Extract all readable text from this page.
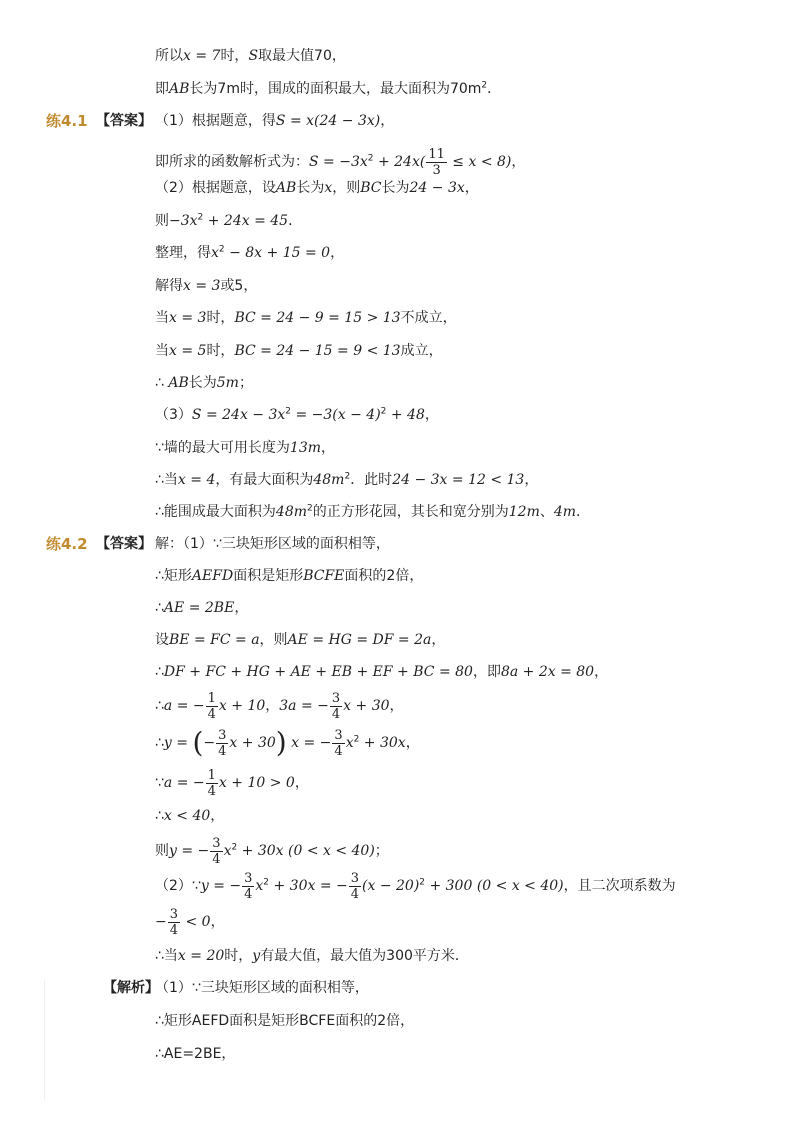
所以x = 7时，S取最大值70，
即AB长为7m时，围成的面积最大，最大面积为$70m^2$．
练4.1 【答案】 （1）根据题意，得S = x(24 − 3x)，
即所求的函数解析式为：$S = -3x^2 + 24x( \frac{11}{3} \le x < 8)$，
（2）根据题意，设AB长为x，则BC长为24 − 3x，
则$-3x^2 + 24x = 45$．
整理，得$x^2 - 8x + 15 = 0$，
解得x = 3或5，
当x = 3时，BC = 24 − 9 = 15 > 13不成立，
当x = 5时，BC = 24 − 15 = 9 < 13成立，
∴ AB长为5m；
$(3)S = 24x - 3x^2 = -3(x - 4)^2 + 48$，
∵墙的最大可用长度为13m，
∴当x = 4，有最大面积为$48m^2$．此时24 − 3x = 12 < 13，
∴能围成最大面积为$48m^2$的正方形花园，其长和宽分别为12m、4m．
练4.2 【答案】 解：（1）∵三块矩形区域的面积相等，
∴矩形AEFD面积是矩形BCFE面积的2倍，
∴AE = 2BE，
设BE = FC = a，则AE = HG = DF = 2a，
∴DF + FC + HG + AE + EB + EF + BC = 80，即8a + 2x = 80，
∴a = − $\frac{1}{4}$ x + 10，3a = − $\frac{3}{4}$ x + 30，
∴y = (− $\frac{3}{4}$ x + 30) x = − $\frac{3}{4} x^2 + 30x$，
∵a = − $\frac{1}{4}$ x + 10 > 0，
∴x < 40，
则y = − $\frac{3}{4} x^2 + 30x$ (0 < x < 40)；
（2）∵y = − $\frac{3}{4} x^2 + 30x$ = − $\frac{3}{4} (x - 20)^2 + 300$ (0 < x < 40)，且二次项系数为
− $\frac{3}{4} < 0$，
∴当x = 20时，y有最大值，最大值为300平方米．
【解析】
（1）∵三块矩形区域的面积相等，
∴矩形AEFD面积是矩形BCFE面积的2倍，
∴AE=2BE，
